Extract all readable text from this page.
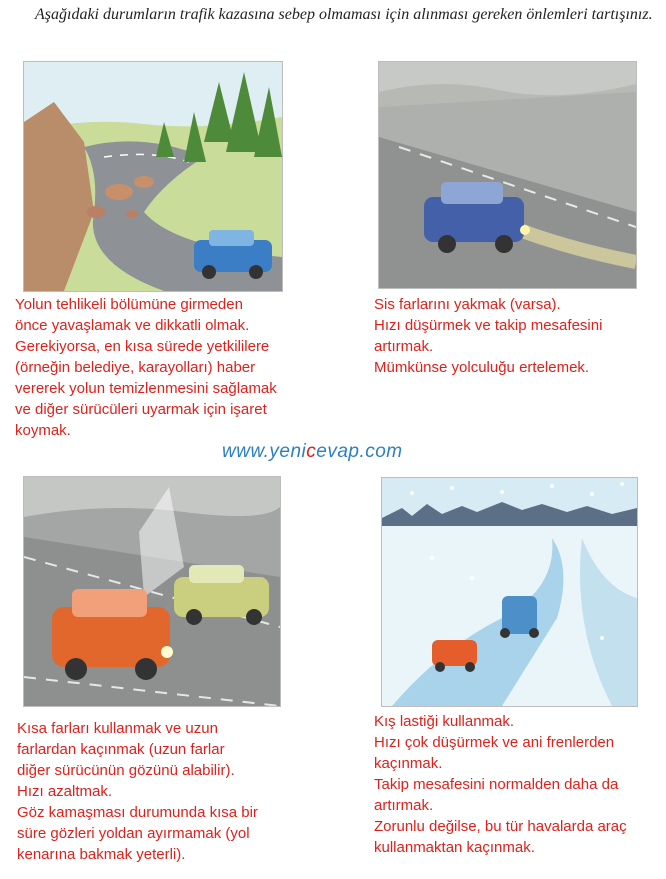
Aşağıdaki durumların trafik kazasına sebep olmaması için alınması gereken önlemleri tartışınız.
Yolun tehlikeli bölümüne girmeden
önce yavaşlamak ve dikkatli olmak.
Gerekiyorsa, en kısa sürede yetkililere
(örneğin belediye, karayolları) haber
vererek yolun temizlenmesini sağlamak
ve diğer sürücüleri uyarmak için işaret
koymak.
Sis farlarını yakmak (varsa).
Hızı düşürmek ve takip mesafesini
artırmak.
Mümkünse yolculuğu ertelemek.
www.yenicevap.com
Kısa farları kullanmak ve uzun
farlardan kaçınmak (uzun farlar
diğer sürücünün gözünü alabilir).
Hızı azaltmak.
Göz kamaşması durumunda kısa bir
süre gözleri yoldan ayırmamak (yol
kenarına bakmak yeterli).
Kış lastiği kullanmak.
Hızı çok düşürmek ve ani frenlerden
kaçınmak.
Takip mesafesini normalden daha da
artırmak.
Zorunlu değilse, bu tür havalarda araç
kullanmaktan kaçınmak.
